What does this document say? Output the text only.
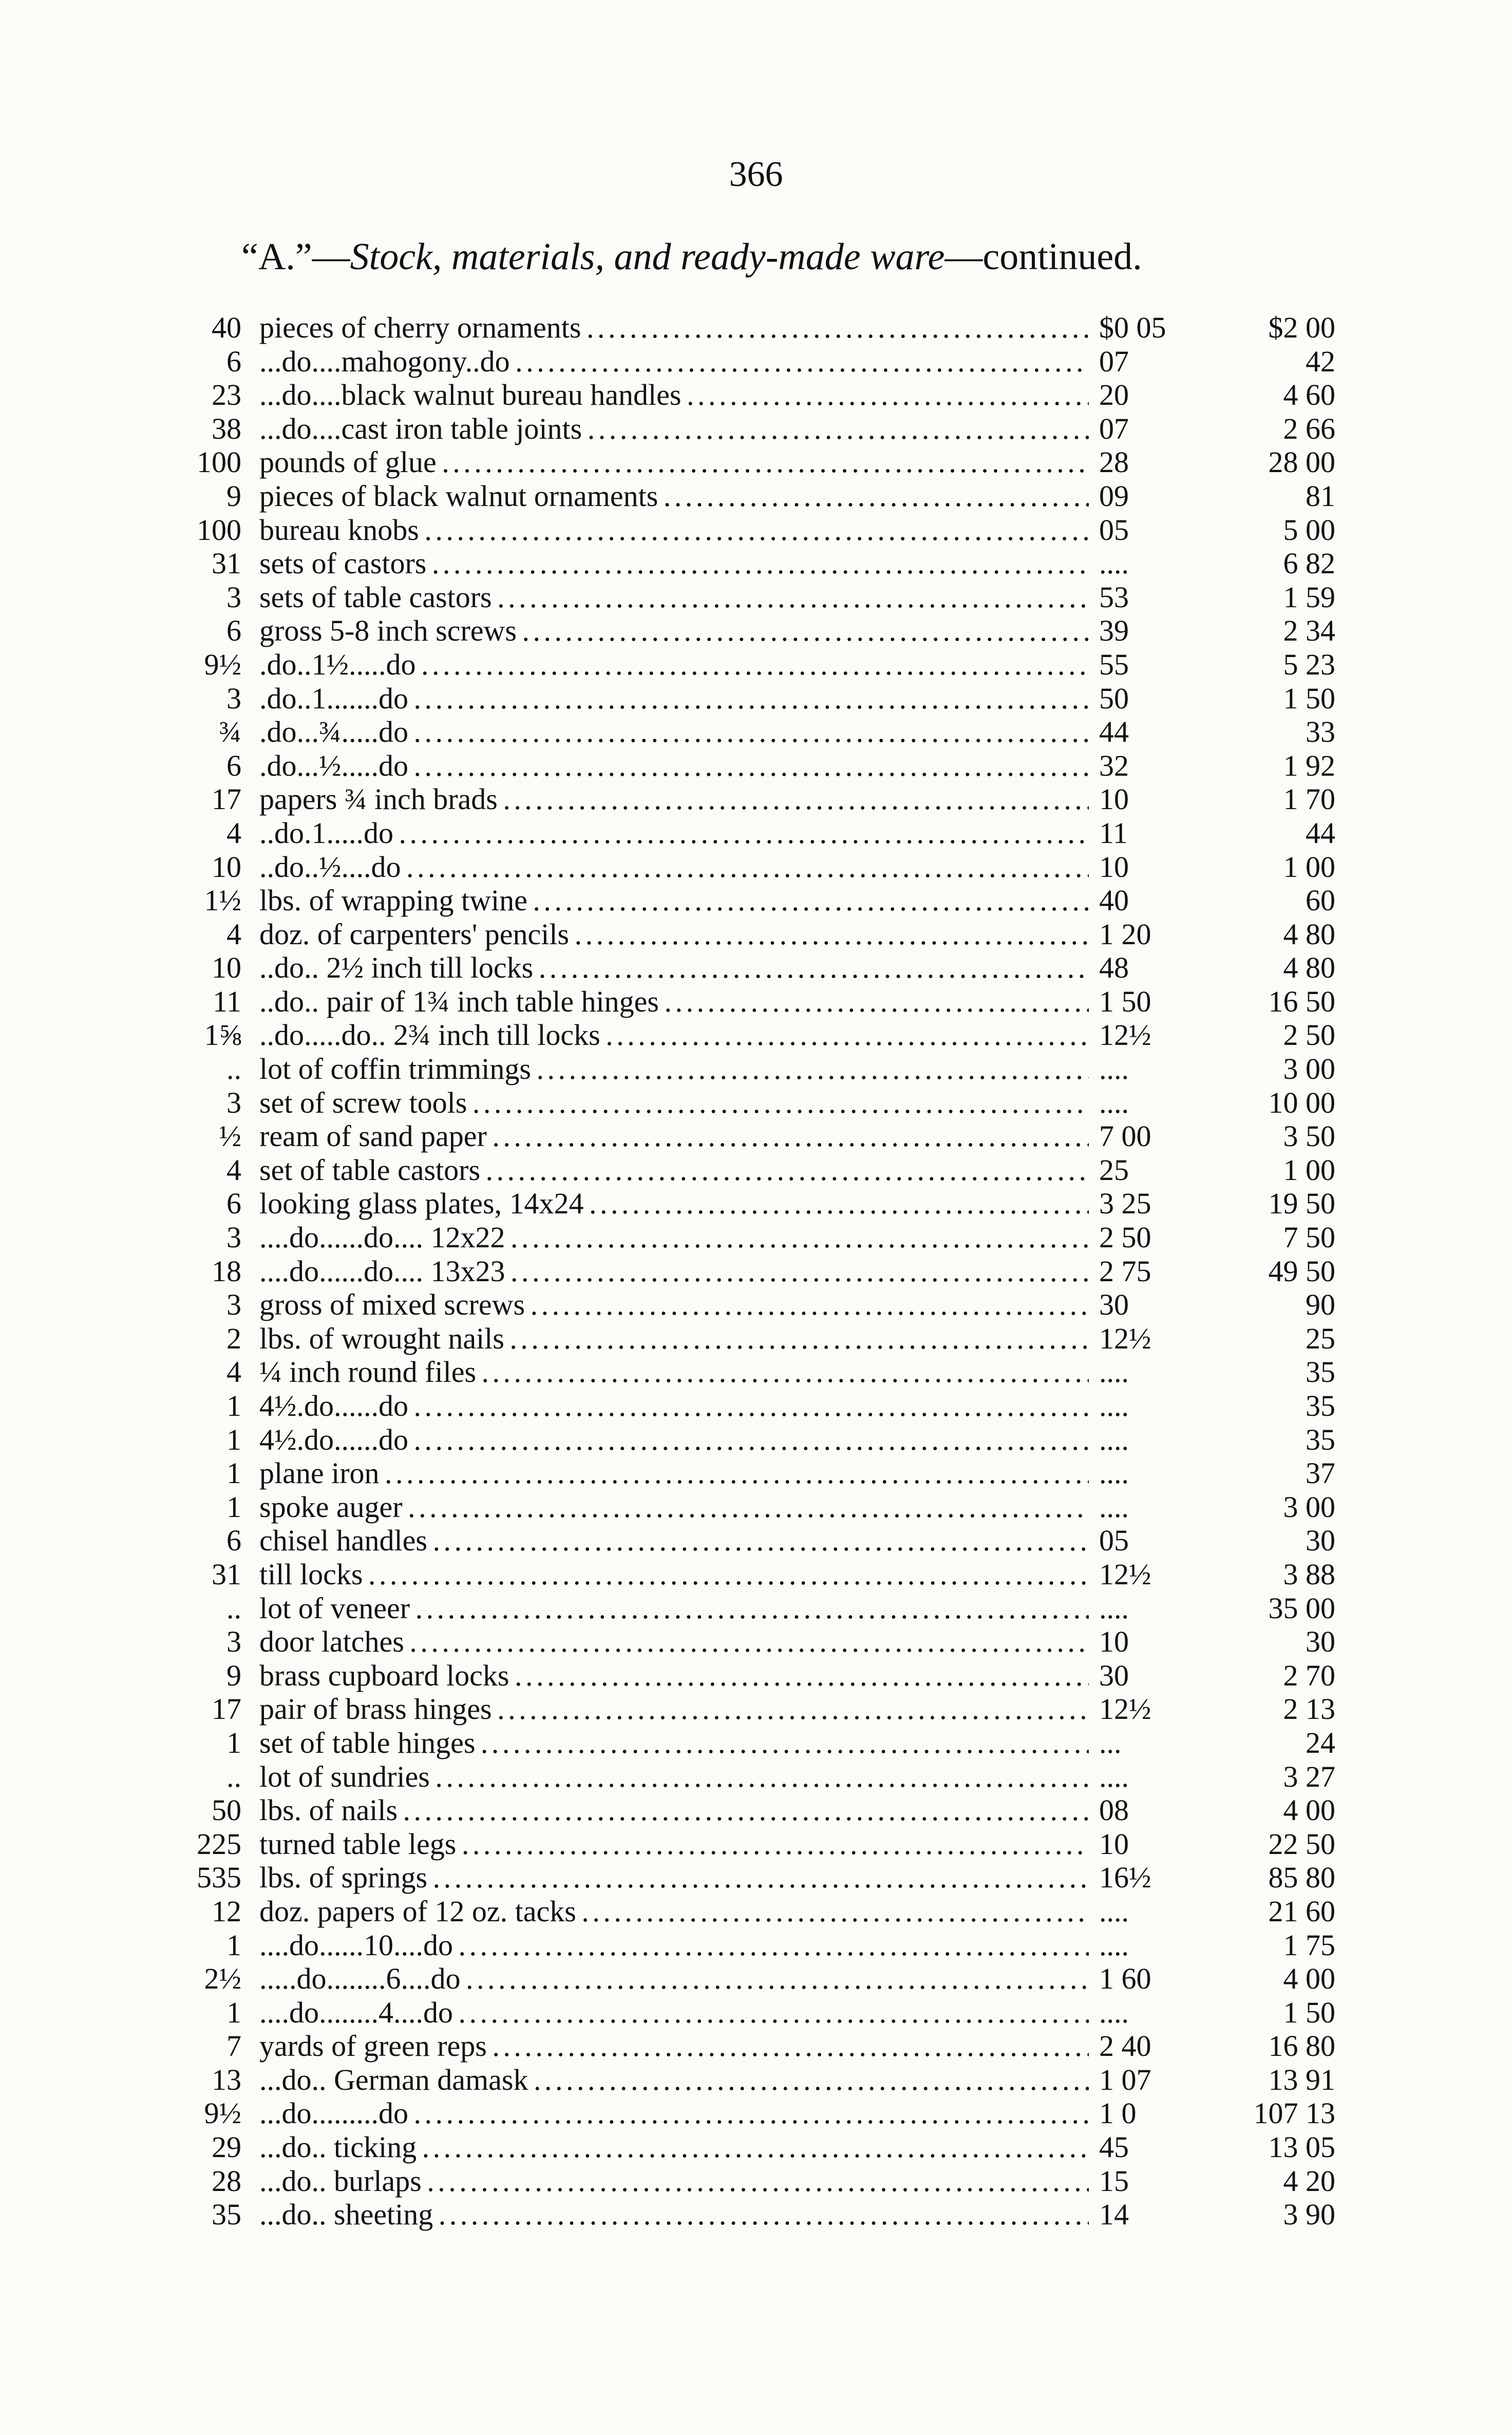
366
“A.”—Stock, materials, and ready-made ware—continued.
40 pieces of cherry ornaments . . .	$0 05	$2 00
6 ...do....mahogony..do . . .	07	42
23 ...do....black walnut bureau handles . . .	20	4 60
38 ...do....cast iron table joints . . .	07	2 66
100 pounds of glue . . .	28	28 00
9 pieces of black walnut ornaments . . .	09	81
100 bureau knobs . . .	05	5 00
31 sets of castors . . .	....	6 82
3 sets of table castors . . .	53	1 59
6 gross 5-8 inch screws . . .	39	2 34
9½ .do..1½.....do . . .	55	5 23
3 .do..1.......do . . .	50	1 50
¾ .do...¾.....do . . .	44	33
6 .do...½.....do . . .	32	1 92
17 papers ¾ inch brads . . .	10	1 70
4 ..do.1.....do . . .	11	44
10 ..do..½....do . . .	10	1 00
1½ lbs. of wrapping twine . . .	40	60
4 doz. of carpenters' pencils . . .	1 20	4 80
10 ..do.. 2½ inch till locks . . .	48	4 80
11 ..do.. pair of 1¾ inch table hinges . . .	1 50	16 50
1⅝ ..do.....do.. 2¾ inch till locks . . .	12½	2 50
.. lot of coffin trimmings . . .	....	3 00
3 set of screw tools . . .	....	10 00
½ ream of sand paper . . .	7 00	3 50
4 set of table castors . . .	25	1 00
6 looking glass plates, 14x24 . . .	3 25	19 50
3 ....do......do.... 12x22 . . .	2 50	7 50
18 ....do......do.... 13x23 . . .	2 75	49 50
3 gross of mixed screws . . .	30	90
2 lbs. of wrought nails . . .	12½	25
4 ¼ inch round files . . .	....	35
1 4½.do......do . . .	....	35
1 4½.do......do . . .	....	35
1 plane iron . . .	....	37
1 spoke auger . . .	....	3 00
6 chisel handles . . .	05	30
31 till locks . . .	12½	3 88
.. lot of veneer . . .	....	35 00
3 door latches . . .	10	30
9 brass cupboard locks . . .	30	2 70
17 pair of brass hinges . . .	12½	2 13
1 set of table hinges . . .	...	24
.. lot of sundries . . .	....	3 27
50 lbs. of nails . . .	08	4 00
225 turned table legs . . .	10	22 50
535 lbs. of springs . . .	16½	85 80
12 doz. papers of 12 oz. tacks . . .	....	21 60
1 ....do......10....do . . .	....	1 75
2½ .....do........6....do . . .	1 60	4 00
1 ....do........4....do . . .	....	1 50
7 yards of green reps . . .	2 40	16 80
13 ...do.. German damask . . .	1 07	13 91
9½ ...do.........do . . .	1 0	107 13
29 ...do.. ticking . . .	45	13 05
28 ...do.. burlaps . . .	15	4 20
35 ...do.. sheeting . . .	14	3 90
